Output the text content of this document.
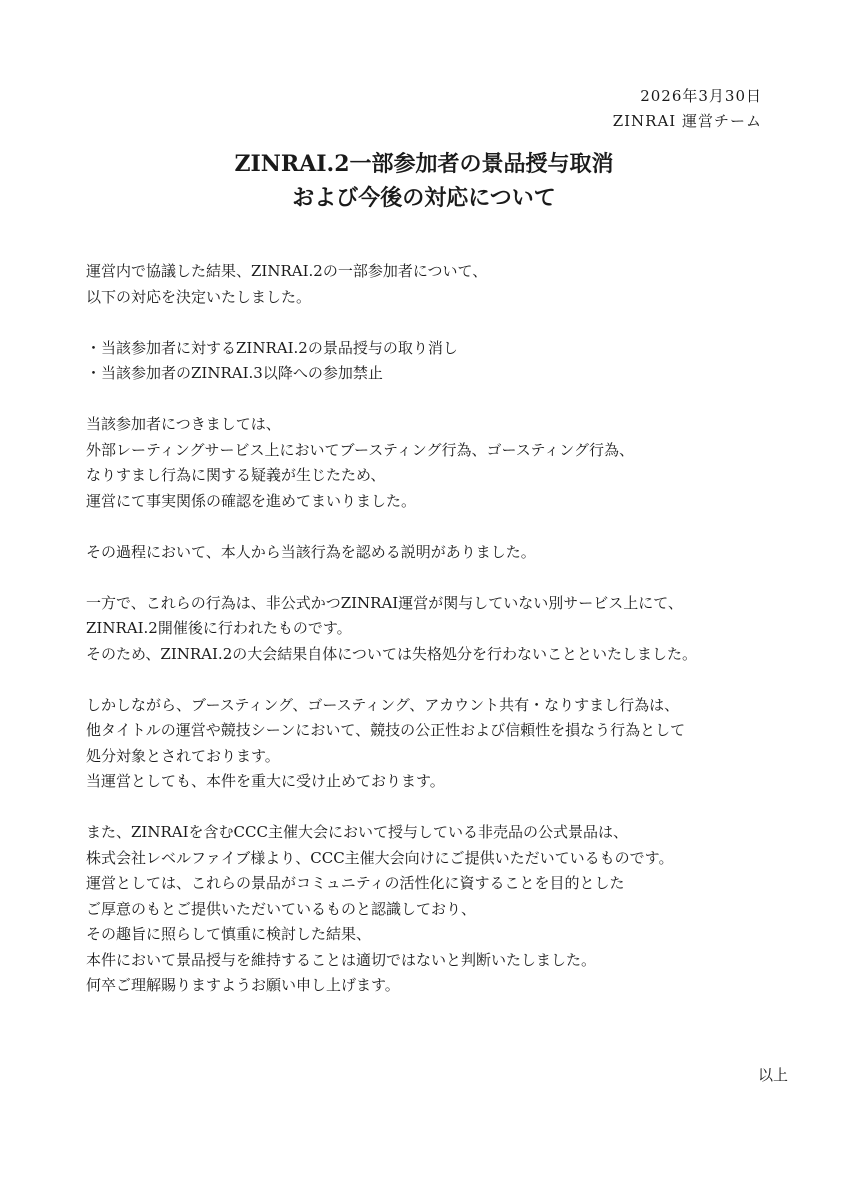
2026年3月30日
ZINRAI 運営チーム
ZINRAI.2一部参加者の景品授与取消
および今後の対応について
運営内で協議した結果、ZINRAI.2の一部参加者について、
以下の対応を決定いたしました。
・当該参加者に対するZINRAI.2の景品授与の取り消し
・当該参加者のZINRAI.3以降への参加禁止
当該参加者につきましては、
外部レーティングサービス上においてブースティング行為、ゴースティング行為、
なりすまし行為に関する疑義が生じたため、
運営にて事実関係の確認を進めてまいりました。
その過程において、本人から当該行為を認める説明がありました。
一方で、これらの行為は、非公式かつZINRAI運営が関与していない別サービス上にて、
ZINRAI.2開催後に行われたものです。
そのため、ZINRAI.2の大会結果自体については失格処分を行わないことといたしました。
しかしながら、ブースティング、ゴースティング、アカウント共有・なりすまし行為は、
他タイトルの運営や競技シーンにおいて、競技の公正性および信頼性を損なう行為として
処分対象とされております。
当運営としても、本件を重大に受け止めております。
また、ZINRAIを含むCCC主催大会において授与している非売品の公式景品は、
株式会社レベルファイブ様より、CCC主催大会向けにご提供いただいているものです。
運営としては、これらの景品がコミュニティの活性化に資することを目的とした
ご厚意のもとご提供いただいているものと認識しており、
その趣旨に照らして慎重に検討した結果、
本件において景品授与を維持することは適切ではないと判断いたしました。
何卒ご理解賜りますようお願い申し上げます。
以上
